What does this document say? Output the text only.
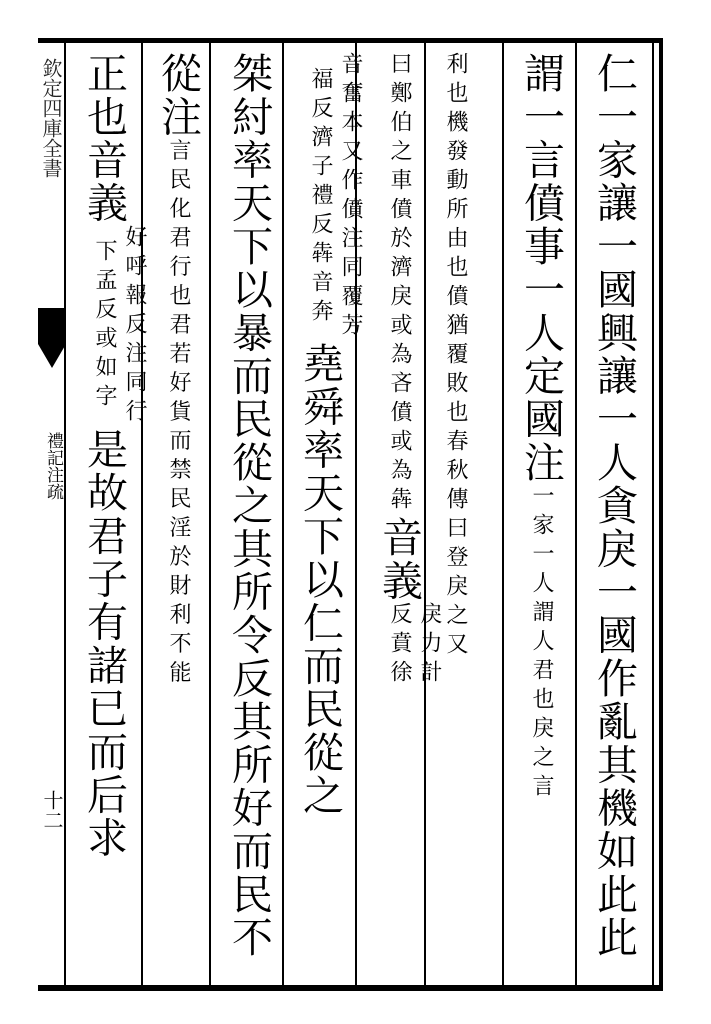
欽定四庫全書
禮記注疏
十二	仁一家讓一國興讓一人貪戾一國作亂其機如此此
謂一言僨事一人定國注一家一人謂人君也戾之言
利也機發動所由也僨猶覆敗也春秋傳曰登戾之又
曰鄭伯之車僨於濟戾或為吝僨或為犇音義
戾力計
反賁徐
音奮本又作僨注同覆芳
福反濟子禮反犇音奔
堯舜率天下以仁而民從之
桀紂率天下以暴而民從之其所令反其所好而民不
從注言民化君行也君若好貨而禁民淫於財利不能
正也音義
好呼報反注同行
下孟反或如字
是故君子有諸已而后求
